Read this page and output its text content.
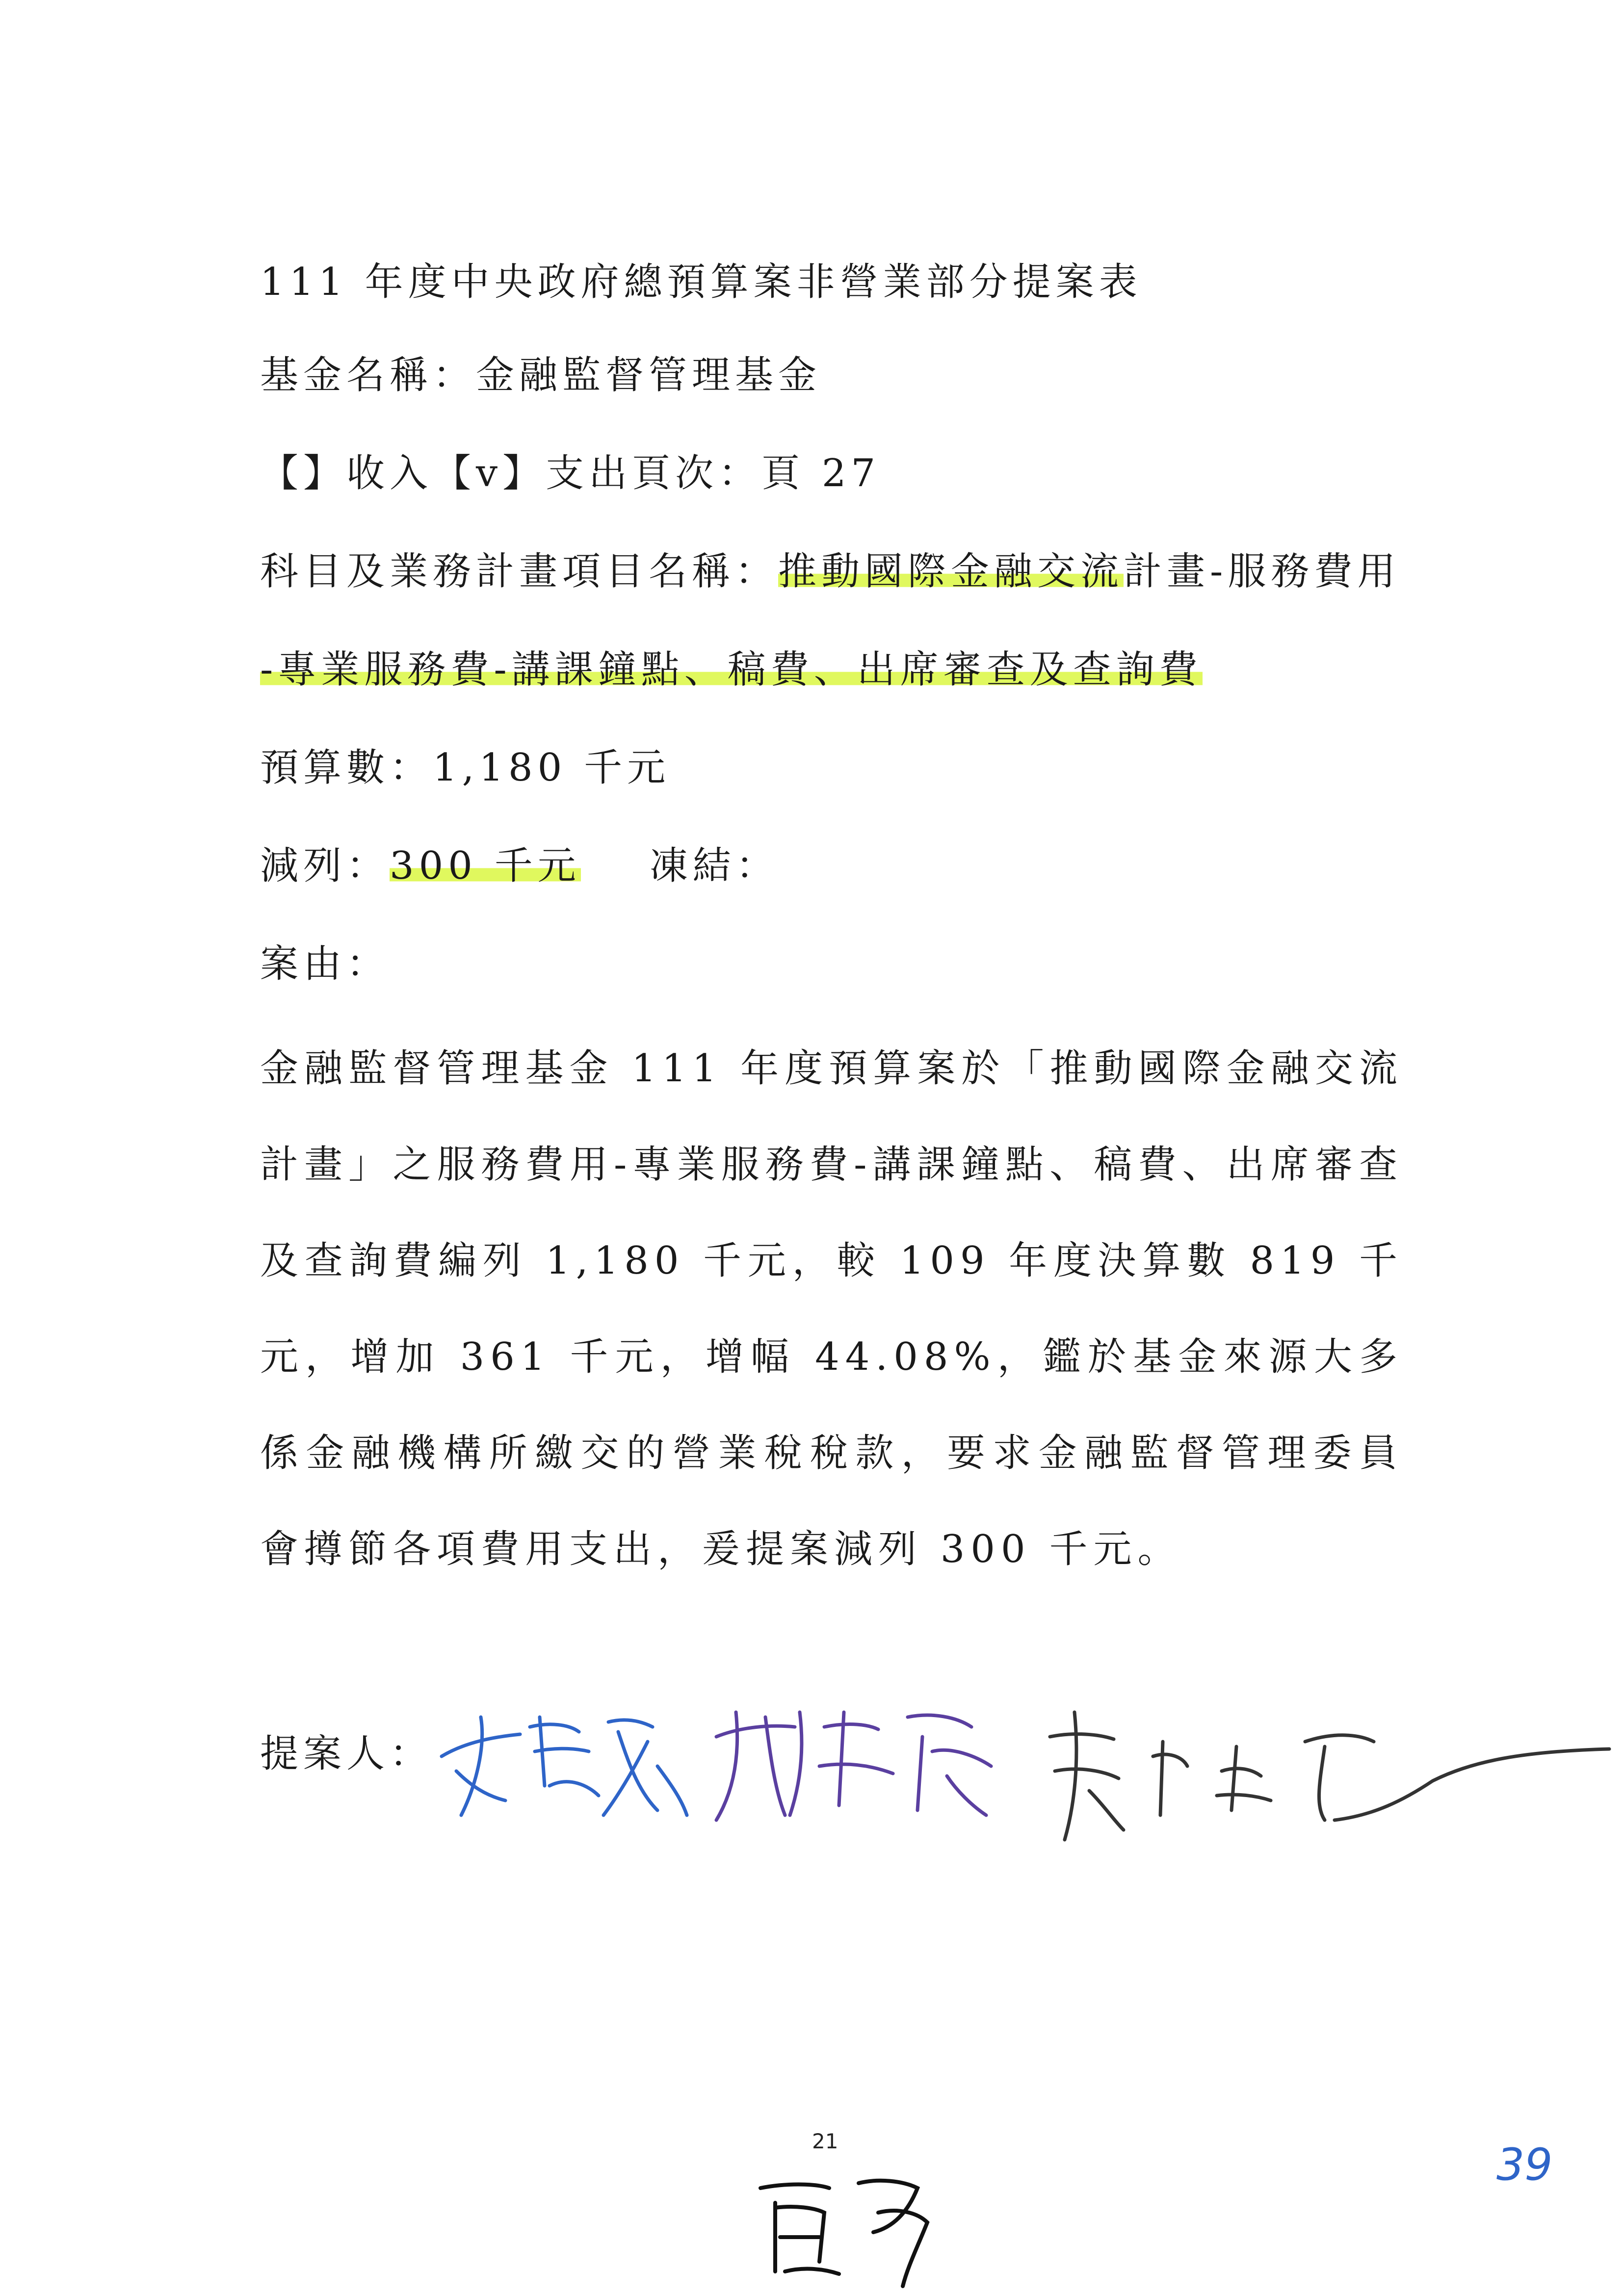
111 年度中央政府總預算案非營業部分提案表
基金名稱：金融監督管理基金
【】收入【v】支出頁次：頁 27
科目及業務計畫項目名稱：推動國際金融交流計畫-服務費用
-專業服務費-講課鐘點、稿費、出席審查及查詢費
預算數：1,180 千元
減列：300 千元 凍結：
案由：
金融監督管理基金 111 年度預算案於「推動國際金融交流計畫」之服務費用-專業服務費-講課鐘點、稿費、出席審查及查詢費編列 1,180 千元，較 109 年度決算數 819 千元，增加 361 千元，增幅 44.08%，鑑於基金來源大多係金融機構所繳交的營業稅稅款，要求金融監督管理委員會撙節各項費用支出，爰提案減列 300 千元。
提案人：
21	39
